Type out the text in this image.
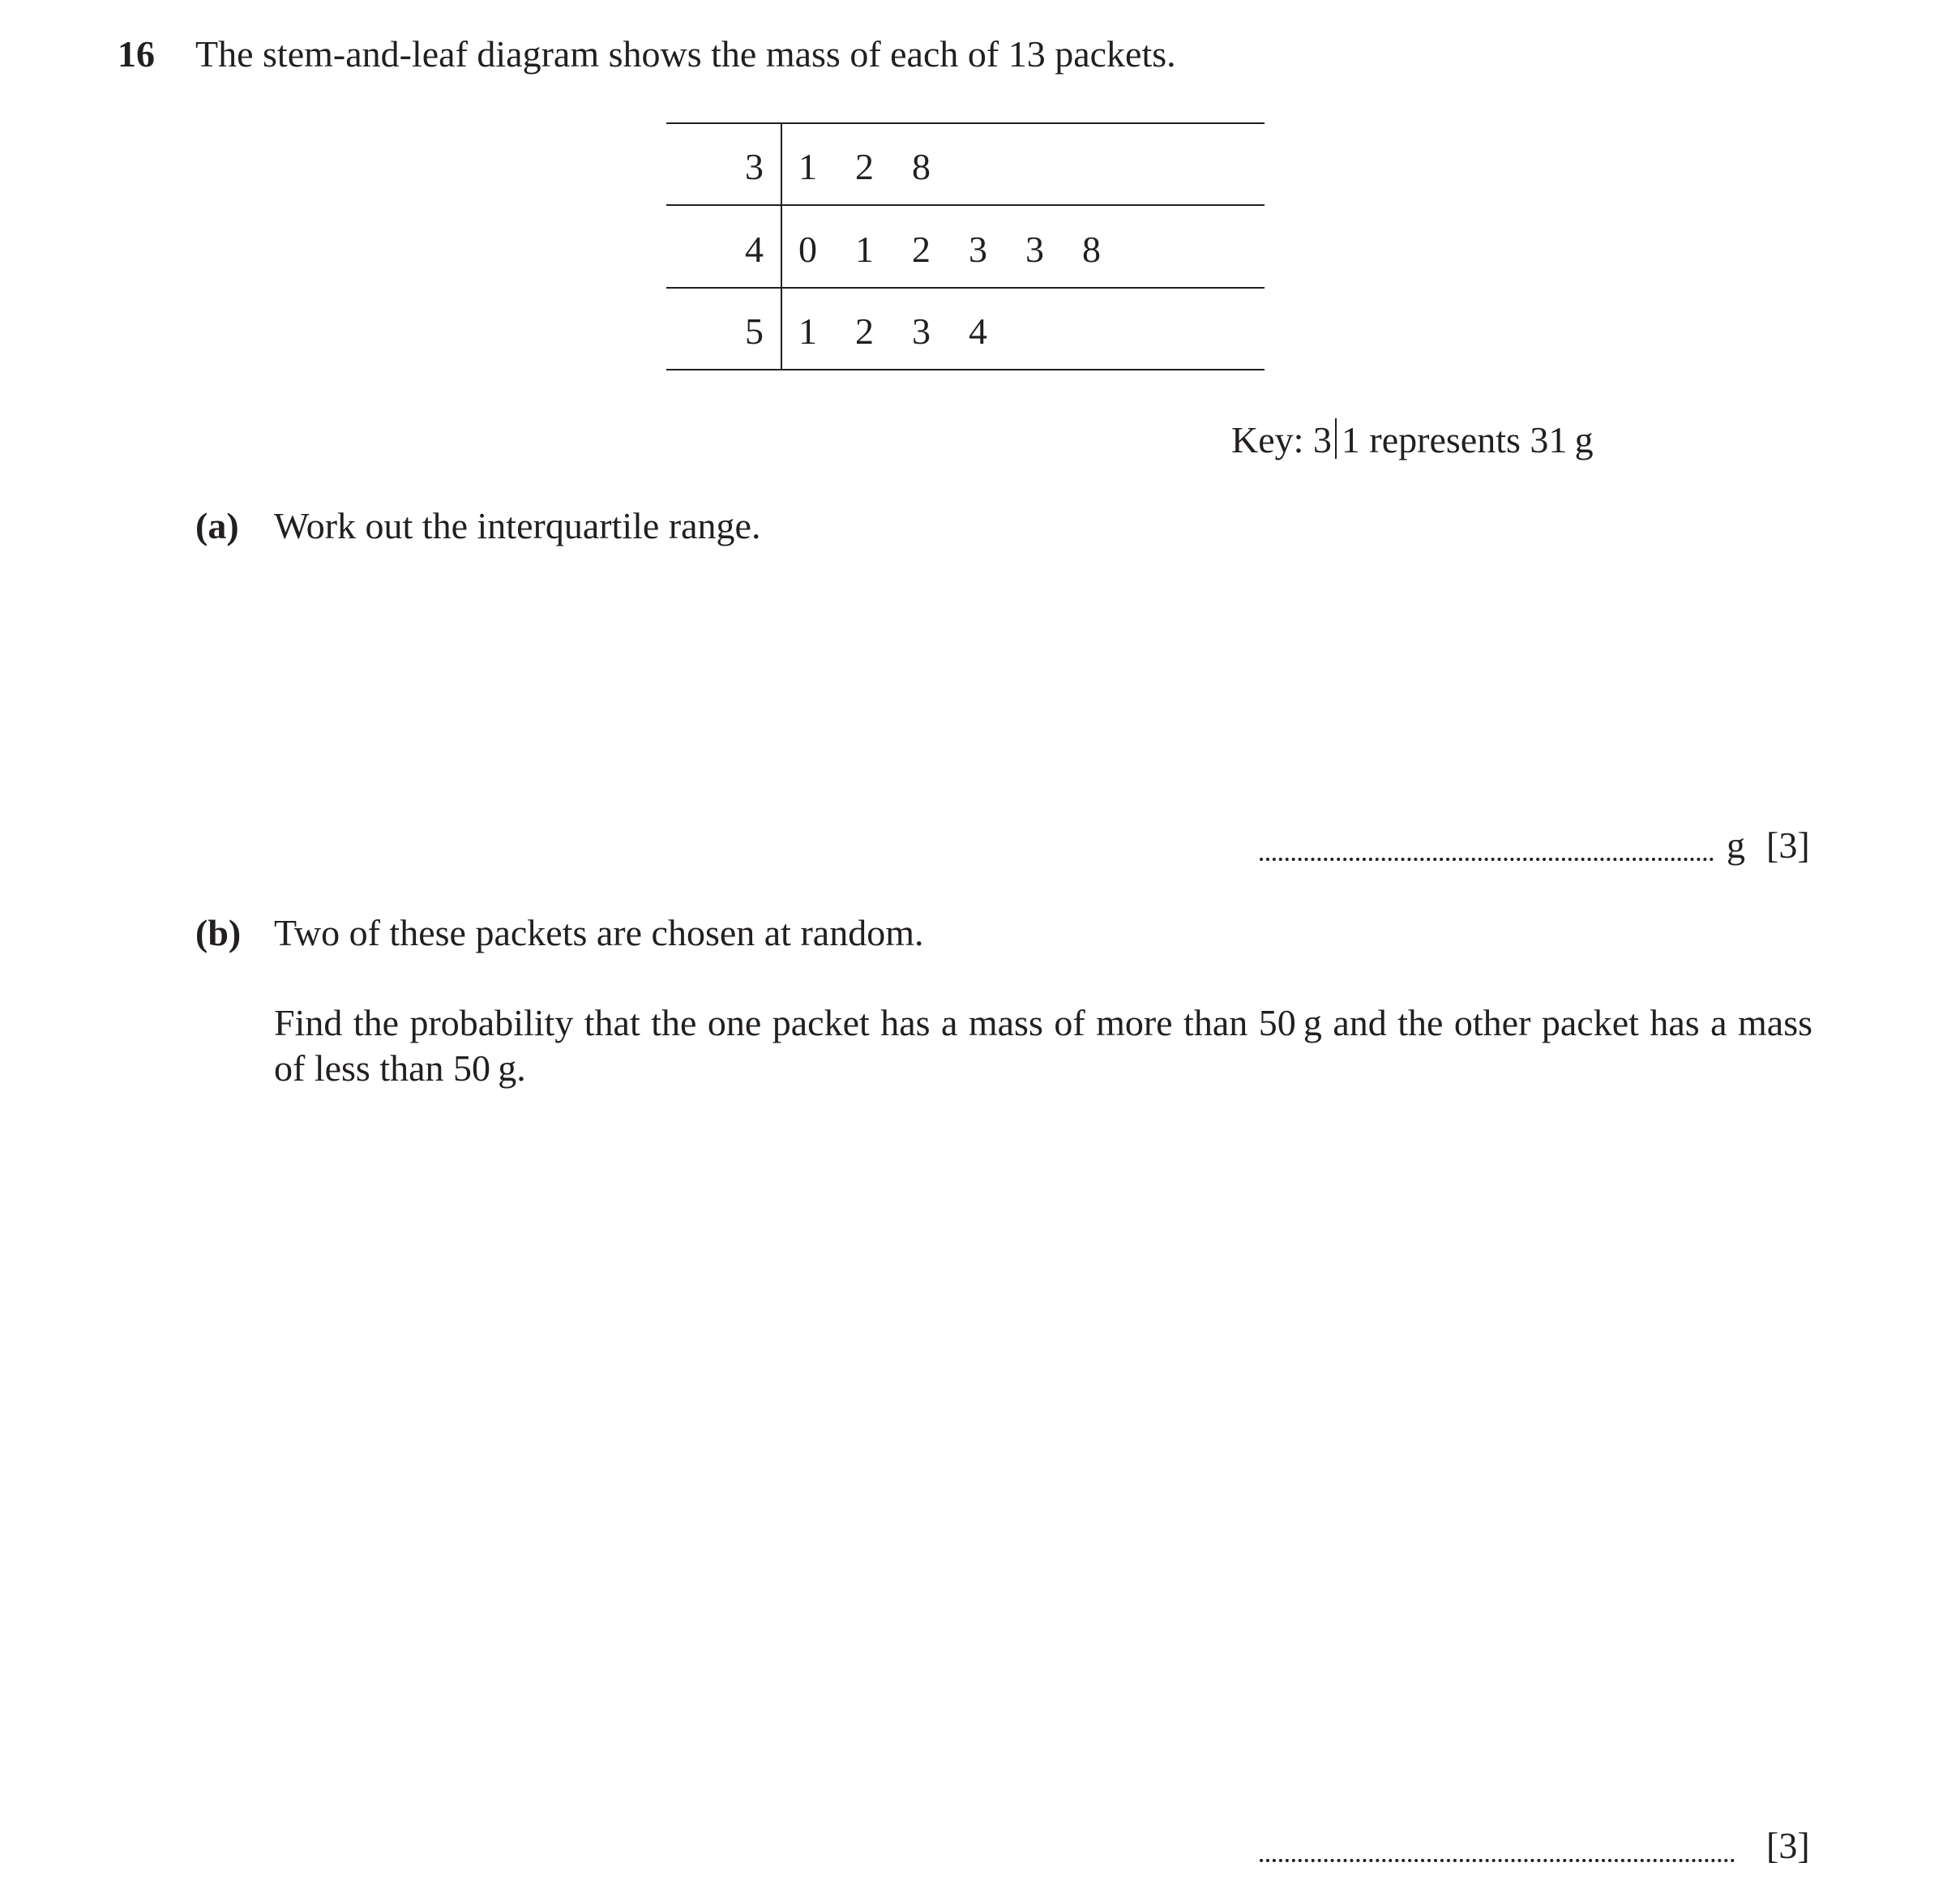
16 The stem-and-leaf diagram shows the mass of each of 13 packets.
3 1 2 8
4 0 1 2 3 3 8
5 1 2 3 4
Key: 3 1 represents 31 g
(a) Work out the interquartile range.
g [3]
(b) Two of these packets are chosen at random.
Find the probability that the one packet has a mass of more than 50 g and the other packet has a mass of less than 50 g.
[3]
